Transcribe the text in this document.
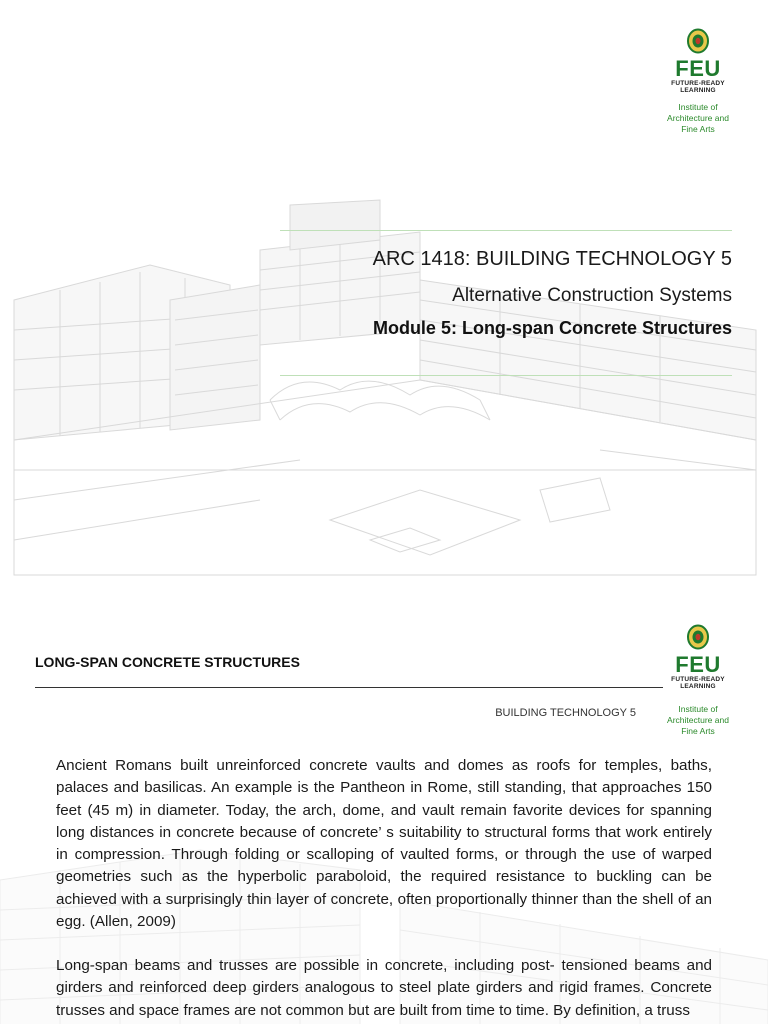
FEU
FUTURE-READY
LEARNING
Institute of
Architecture and
Fine Arts
ARC 1418: BUILDING TECHNOLOGY 5
Alternative Construction Systems
Module 5: Long-span Concrete Structures
FEU
FUTURE-READY
LEARNING
Institute of
Architecture and
Fine Arts
LONG-SPAN CONCRETE STRUCTURES
BUILDING TECHNOLOGY 5

Ancient Romans built unreinforced concrete vaults and domes as roofs for temples, baths, palaces and basilicas. An example is the Pantheon in Rome, still standing, that approaches 150 feet (45 m) in diameter. Today, the arch, dome, and vault remain favorite devices for spanning long distances in concrete because of concrete’ s suitability to structural forms that work entirely in compression. Through folding or scalloping of vaulted forms, or through the use of warped geometries such as the hyperbolic paraboloid, the required resistance to buckling can be achieved with a surprisingly thin layer of concrete, often proportionally thinner than the shell of an egg. (Allen, 2009)

Long-span beams and trusses are possible in concrete, including post- tensioned beams and girders and reinforced deep girders analogous to steel plate girders and rigid frames. Concrete trusses and space frames are not common but are built from time to time. By definition, a truss
